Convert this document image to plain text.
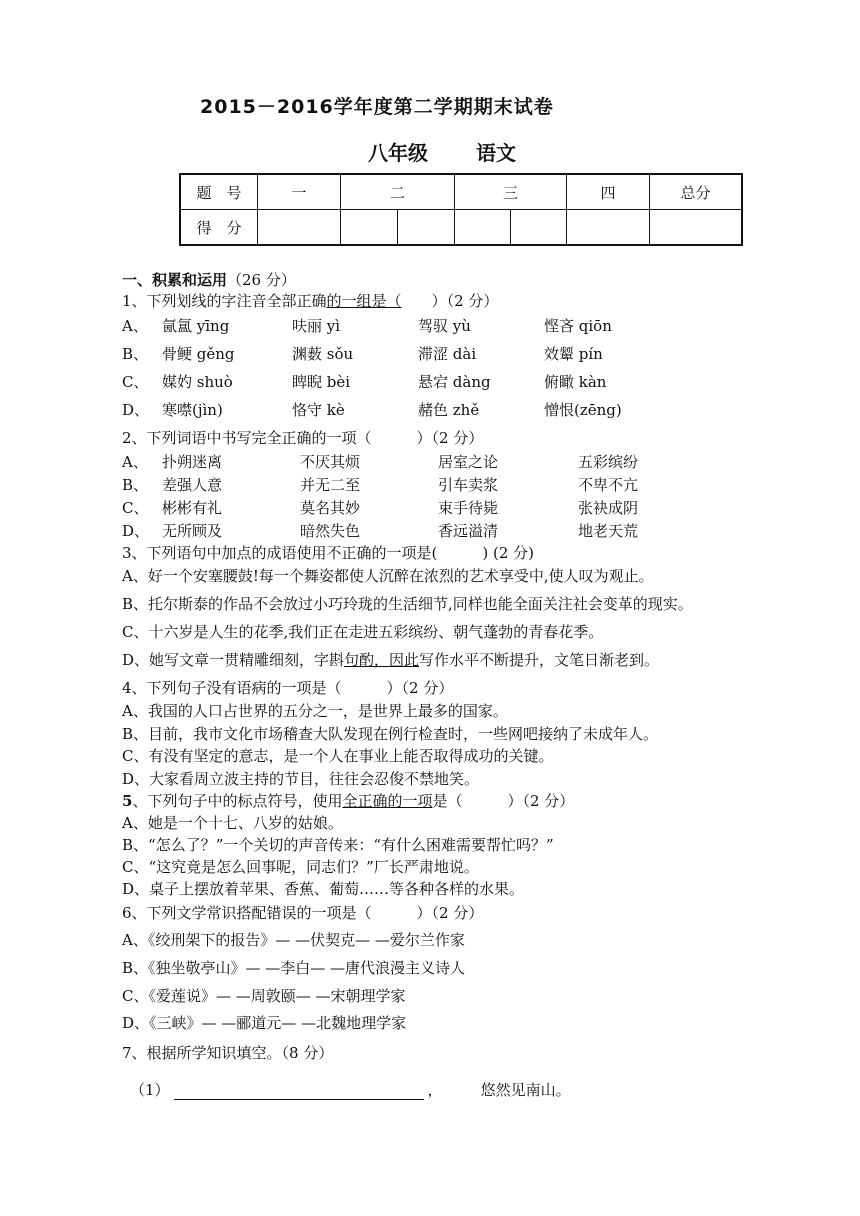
2015－2016学年度第二学期期末试卷
八年级 语文
题　号	一	二		三		四	总分
得　分							
一、积累和运用（26 分）
1、下列划线的字注音全部正确的一组是（　　）（2 分）
A、 氤氲 yīng	呋丽 yì	驾驭 yù	悭吝 qiōn
B、 骨鲠 gěng	渊薮 sǒu	滞涩 dài	效颦 pín
C、 媒妁 shuò	睥睨 bèi	悬宕 dàng	俯瞰 kàn
D、 寒噤(jìn)	恪守 kè	赭色 zhě	憎恨(zēng)
2、下列词语中书写完全正确的一项（　　　）（2 分）
A、 扑朔迷离	不厌其烦	居室之论	五彩缤纷
B、 差强人意	并无二至	引车卖浆	不卑不亢
C、 彬彬有礼	莫名其妙	束手待毙	张袂成阴
D、 无所顾及	暗然失色	香远溢清	地老天荒
3、下列语句中加点的成语使用不正确的一项是(　　　) (2 分)
A、好一个安塞腰鼓!每一个舞姿都使人沉醉在浓烈的艺术享受中,使人叹为观止。
B、托尔斯泰的作品不会放过小巧玲珑的生活细节,同样也能全面关注社会变革的现实。
C、十六岁是人生的花季,我们正在走进五彩缤纷、朝气蓬勃的青春花季。
D、她写文章一贯精雕细刻，字斟句酌，因此写作水平不断提升，文笔日渐老到。
4、下列句子没有语病的一项是（　　　）（2 分）
A、我国的人口占世界的五分之一，是世界上最多的国家。
B、目前，我市文化市场稽查大队发现在例行检查时，一些网吧接纳了未成年人。
C、有没有坚定的意志，是一个人在事业上能否取得成功的关键。
D、大家看周立波主持的节目，往往会忍俊不禁地笑。
5、下列句子中的标点符号，使用全正确的一项是（　　　）（2 分）
A、她是一个十七、八岁的姑娘。
B、“怎么了？”一个关切的声音传来：“有什么困难需要帮忙吗？”
C、“这究竟是怎么回事呢，同志们？”厂长严肃地说。
D、桌子上摆放着苹果、香蕉、葡萄……等各种各样的水果。
6、下列文学常识搭配错误的一项是（　　　）（2 分）
A、《绞刑架下的报告》— —伏契克— —爱尔兰作家
B、《独坐敬亭山》— —李白— —唐代浪漫主义诗人
C、《爱莲说》— —周敦颐— —宋朝理学家
D、《三峡》— —郦道元— —北魏地理学家
7、根据所学知识填空。（8 分）
（1）	，	悠然见南山。
